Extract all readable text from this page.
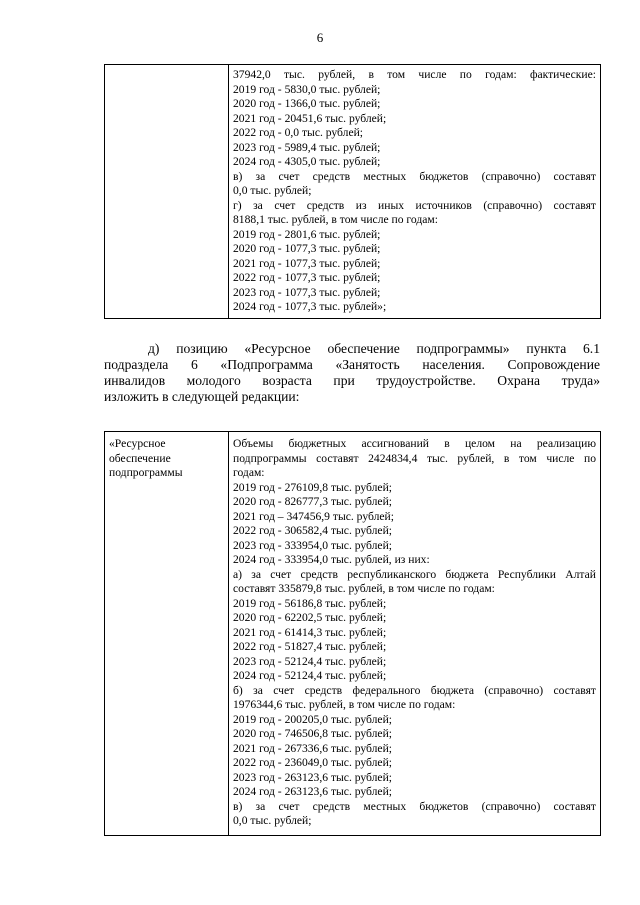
6

37942,0 тыс. рублей, в том числе по годам: фактические:
2019 год - 5830,0 тыс. рублей;
2020 год - 1366,0 тыс. рублей;
2021 год - 20451,6 тыс. рублей;
2022 год - 0,0 тыс. рублей;
2023 год - 5989,4 тыс. рублей;
2024 год - 4305,0 тыс. рублей;
в) за счет средств местных бюджетов (справочно) составят
0,0 тыс. рублей;
г) за счет средств из иных источников (справочно) составят
8188,1 тыс. рублей, в том числе по годам:
2019 год - 2801,6 тыс. рублей;
2020 год - 1077,3 тыс. рублей;
2021 год - 1077,3 тыс. рублей;
2022 год - 1077,3 тыс. рублей;
2023 год - 1077,3 тыс. рублей;
2024 год - 1077,3 тыс. рублей»;
д) позицию «Ресурсное обеспечение подпрограммы» пункта 6.1
подраздела 6 «Подпрограмма «Занятость населения. Сопровождение
инвалидов молодого возраста при трудоустройстве. Охрана труда»
изложить в следующей редакции:
«Ресурсное
обеспечение
подпрограммы

Объемы бюджетных ассигнований в целом на реализацию
подпрограммы составят 2424834,4 тыс. рублей, в том числе по
годам:
2019 год - 276109,8 тыс. рублей;
2020 год - 826777,3 тыс. рублей;
2021 год – 347456,9 тыс. рублей;
2022 год - 306582,4 тыс. рублей;
2023 год - 333954,0 тыс. рублей;
2024 год - 333954,0 тыс. рублей, из них:
а) за счет средств республиканского бюджета Республики Алтай
составят 335879,8 тыс. рублей, в том числе по годам:
2019 год - 56186,8 тыс. рублей;
2020 год - 62202,5 тыс. рублей;
2021 год - 61414,3 тыс. рублей;
2022 год - 51827,4 тыс. рублей;
2023 год - 52124,4 тыс. рублей;
2024 год - 52124,4 тыс. рублей;
б) за счет средств федерального бюджета (справочно) составят
1976344,6 тыс. рублей, в том числе по годам:
2019 год - 200205,0 тыс. рублей;
2020 год - 746506,8 тыс. рублей;
2021 год - 267336,6 тыс. рублей;
2022 год - 236049,0 тыс. рублей;
2023 год - 263123,6 тыс. рублей;
2024 год - 263123,6 тыс. рублей;
в) за счет средств местных бюджетов (справочно) составят
0,0 тыс. рублей;
